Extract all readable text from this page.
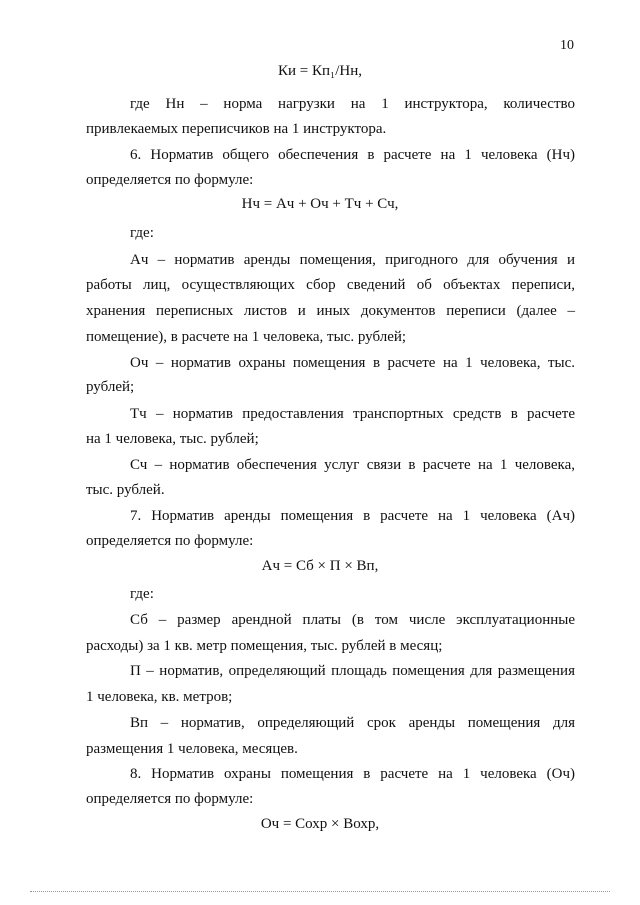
10
Ки = Кп₁/Нн,
где Нн – норма нагрузки на 1 инструктора, количество
привлекаемых переписчиков на 1 инструктора.
6. Норматив общего обеспечения в расчете на 1 человека (Нч)
определяется по формуле:
Нч = Ач + Оч + Тч + Сч,
где:
Ач – норматив аренды помещения, пригодного для обучения и
работы лиц, осуществляющих сбор сведений об объектах переписи,
хранения переписных листов и иных документов переписи (далее –
помещение), в расчете на 1 человека, тыс. рублей;
Оч – норматив охраны помещения в расчете на 1 человека, тыс.
рублей;
Тч – норматив предоставления транспортных средств в расчете
на 1 человека, тыс. рублей;
Сч – норматив обеспечения услуг связи в расчете на 1 человека,
тыс. рублей.
7. Норматив аренды помещения в расчете на 1 человека (Ач)
определяется по формуле:
Ач = Сб × П × Вп,
где:
Сб – размер арендной платы (в том числе эксплуатационные
расходы) за 1 кв. метр помещения, тыс. рублей в месяц;
П – норматив, определяющий площадь помещения для размещения
1 человека, кв. метров;
Вп – норматив, определяющий срок аренды помещения для
размещения 1 человека, месяцев.
8. Норматив охраны помещения в расчете на 1 человека (Оч)
определяется по формуле:
Оч = Сохр × Вохр,
